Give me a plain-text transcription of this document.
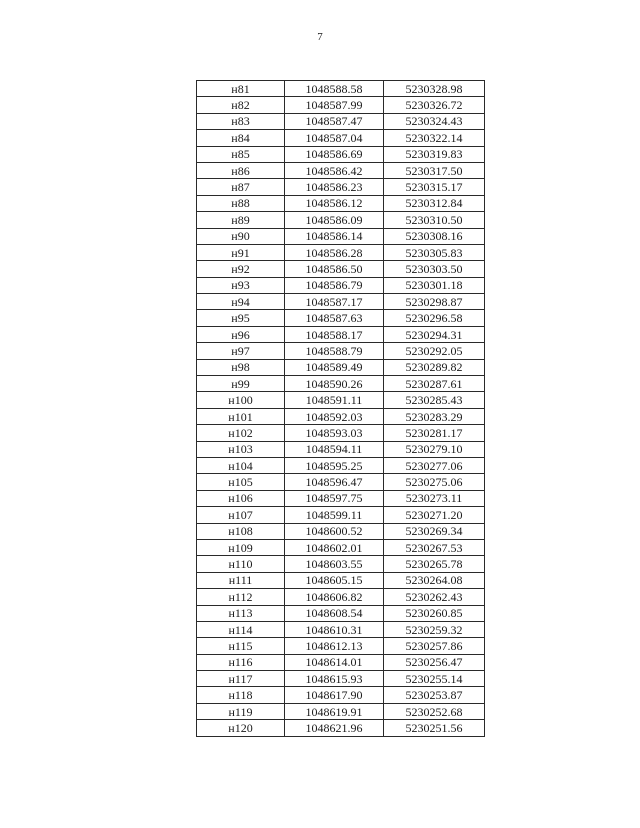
7
н81	1048588.58	5230328.98
н82	1048587.99	5230326.72
н83	1048587.47	5230324.43
н84	1048587.04	5230322.14
н85	1048586.69	5230319.83
н86	1048586.42	5230317.50
н87	1048586.23	5230315.17
н88	1048586.12	5230312.84
н89	1048586.09	5230310.50
н90	1048586.14	5230308.16
н91	1048586.28	5230305.83
н92	1048586.50	5230303.50
н93	1048586.79	5230301.18
н94	1048587.17	5230298.87
н95	1048587.63	5230296.58
н96	1048588.17	5230294.31
н97	1048588.79	5230292.05
н98	1048589.49	5230289.82
н99	1048590.26	5230287.61
н100	1048591.11	5230285.43
н101	1048592.03	5230283.29
н102	1048593.03	5230281.17
н103	1048594.11	5230279.10
н104	1048595.25	5230277.06
н105	1048596.47	5230275.06
н106	1048597.75	5230273.11
н107	1048599.11	5230271.20
н108	1048600.52	5230269.34
н109	1048602.01	5230267.53
н110	1048603.55	5230265.78
н111	1048605.15	5230264.08
н112	1048606.82	5230262.43
н113	1048608.54	5230260.85
н114	1048610.31	5230259.32
н115	1048612.13	5230257.86
н116	1048614.01	5230256.47
н117	1048615.93	5230255.14
н118	1048617.90	5230253.87
н119	1048619.91	5230252.68
н120	1048621.96	5230251.56
